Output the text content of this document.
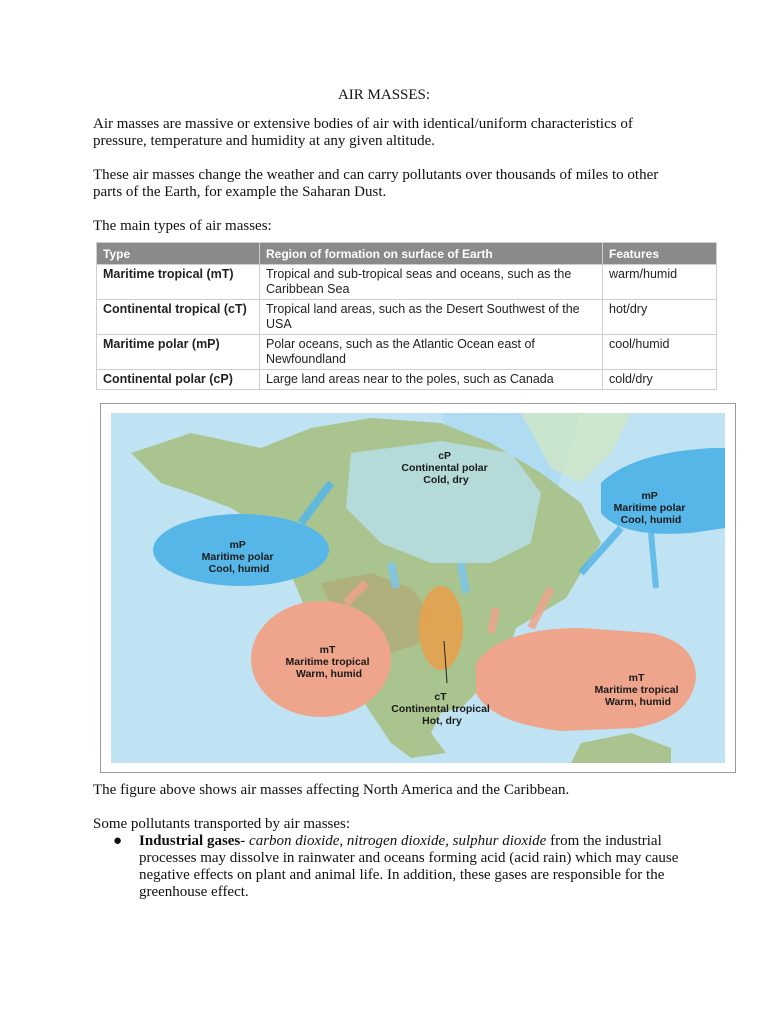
AIR MASSES:
Air masses are massive or extensive bodies of air with identical/uniform characteristics of pressure, temperature and humidity at any given altitude.
These air masses change the weather and can carry pollutants over thousands of miles to other parts of the Earth, for example the Saharan Dust.
The main types of air masses:
Type	Region of formation on surface of Earth	Features
Maritime tropical (mT)	Tropical and sub-tropical seas and oceans, such as the Caribbean Sea	warm/humid
Continental tropical (cT)	Tropical land areas, such as the Desert Southwest of the USA	hot/dry
Maritime polar (mP)	Polar oceans, such as the Atlantic Ocean east of Newfoundland	cool/humid
Continental polar (cP)	Large land areas near to the poles, such as Canada	cold/dry
cP Continental polar Cold, dry
mP Maritime polar Cool, humid
mP Maritime polar Cool, humid
mT Maritime tropical Warm, humid	mT Maritime tropical Warm, humid
cT Continental tropical Hot, dry
The figure above shows air masses affecting North America and the Caribbean.
Some pollutants transported by air masses:
● Industrial gases- carbon dioxide, nitrogen dioxide, sulphur dioxide from the industrial processes may dissolve in rainwater and oceans forming acid (acid rain) which may cause negative effects on plant and animal life. In addition, these gases are responsible for the greenhouse effect.
